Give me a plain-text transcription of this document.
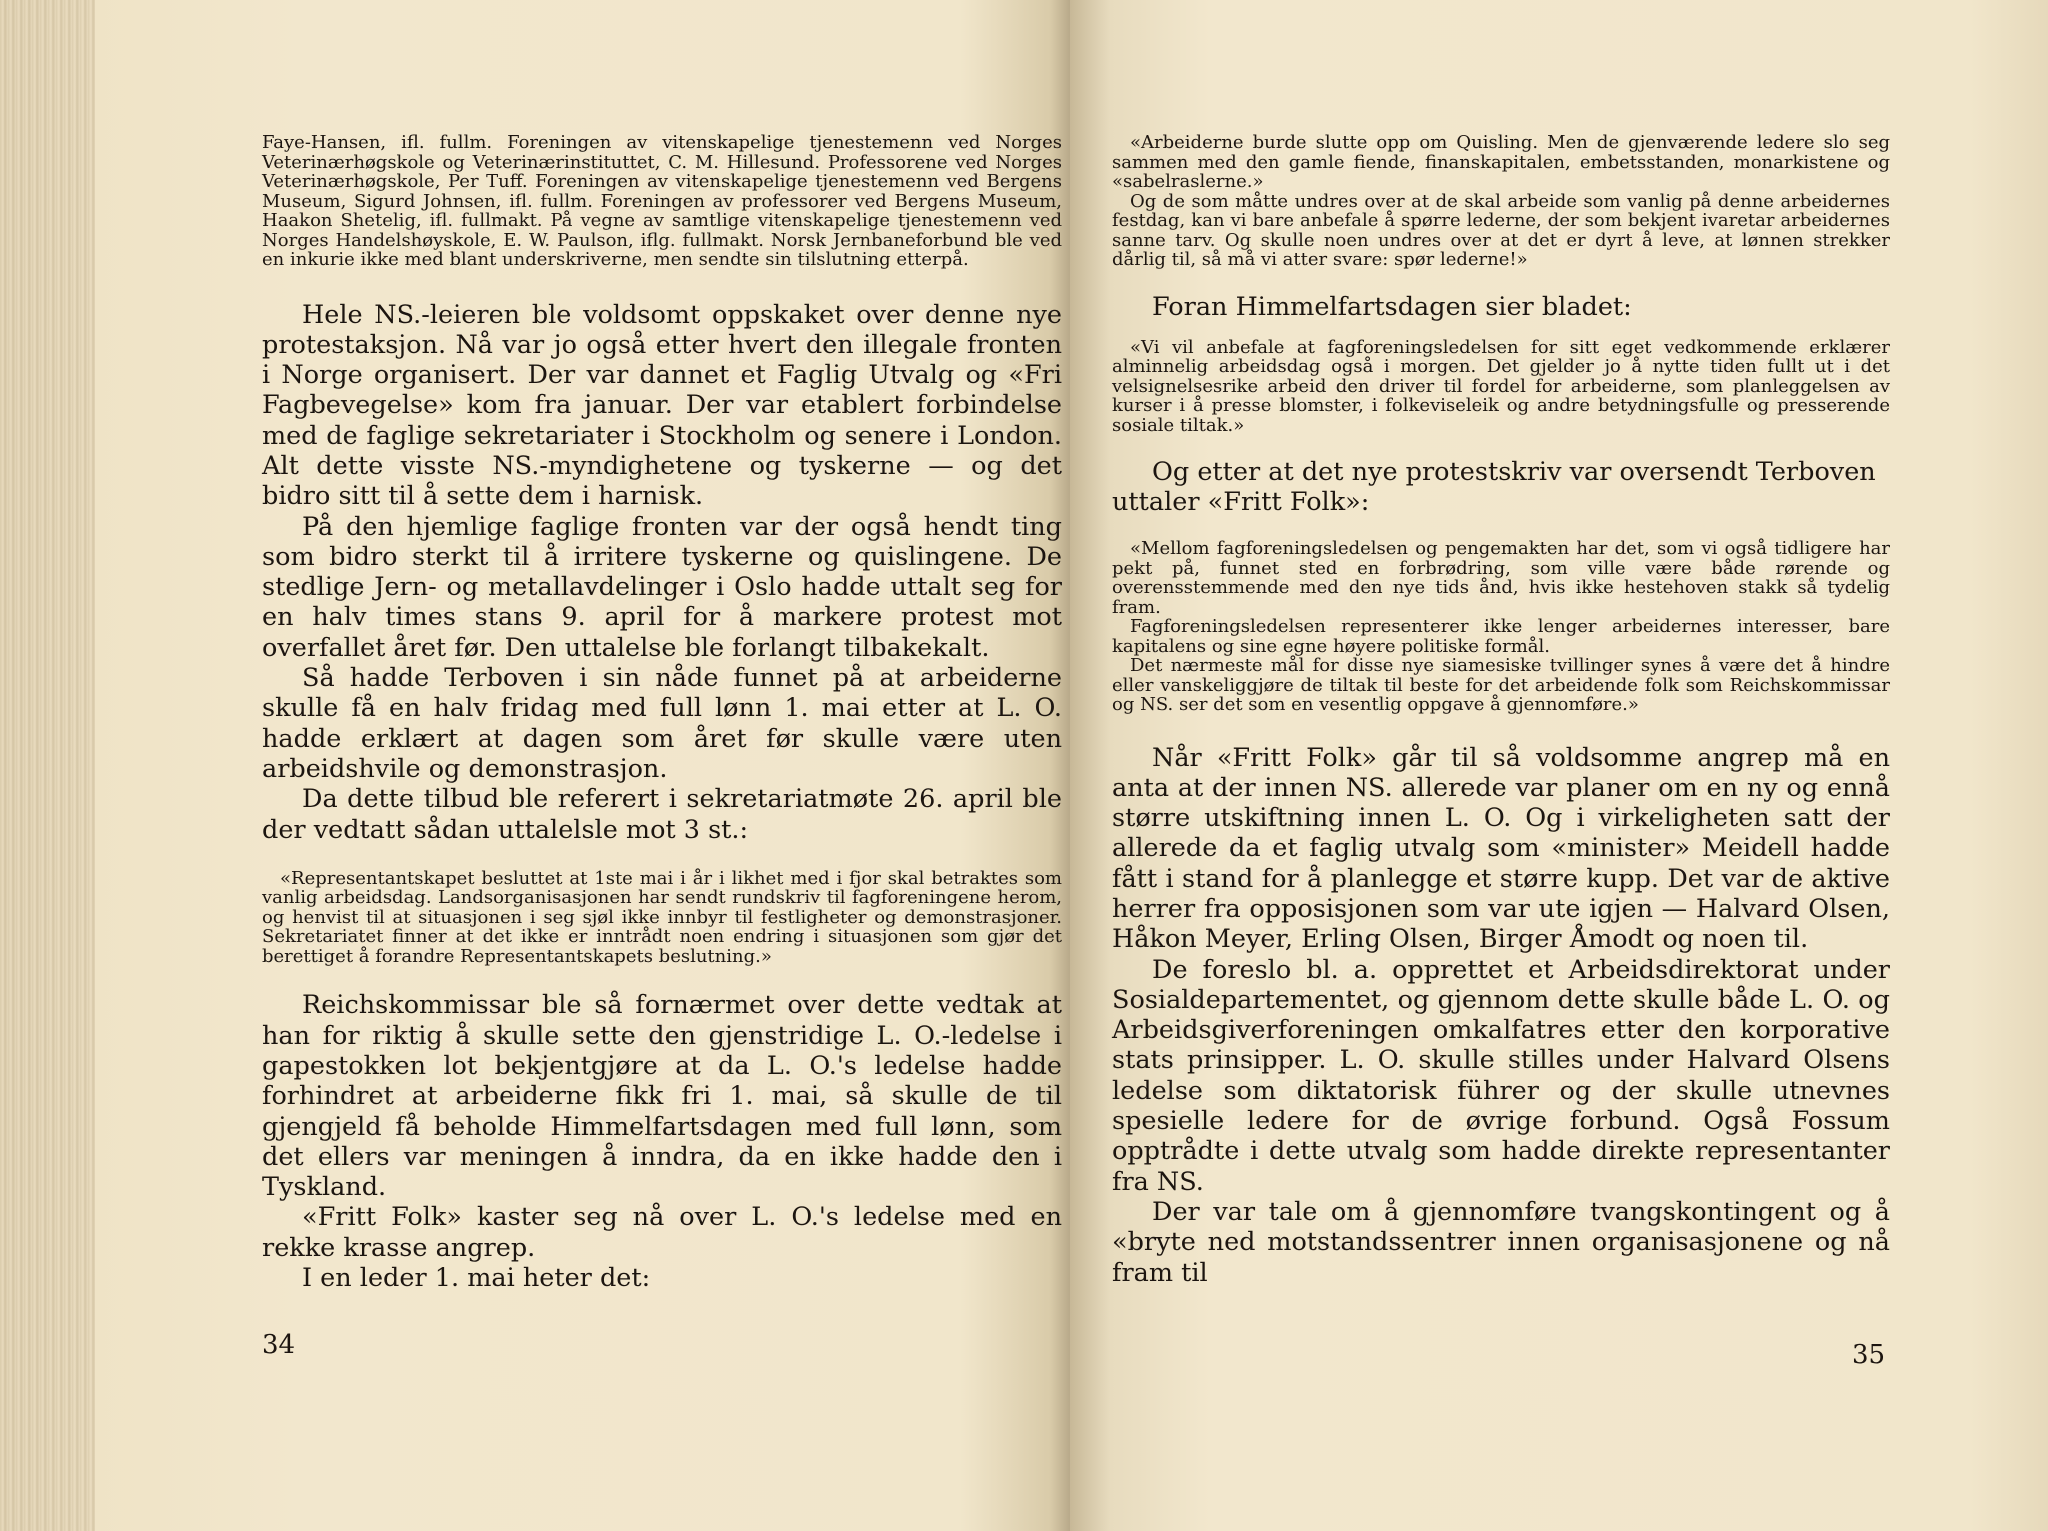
Faye-Hansen, ifl. fullm. Foreningen av vitenskapelige tjenestemenn ved Norges Veterinærhøgskole og Veterinærinstituttet, C. M. Hillesund. Professorene ved Norges Veterinærhøgskole, Per Tuff. Foreningen av vitenskapelige tjenestemenn ved Bergens Museum, Sigurd Johnsen, ifl. fullm. Foreningen av professorer ved Bergens Museum, Haakon Shetelig, ifl. fullmakt. På vegne av samtlige vitenskapelige tjenestemenn ved Norges Handelshøyskole, E. W. Paulson, iflg. fullmakt. Norsk Jernbaneforbund ble ved en inkurie ikke med blant underskriverne, men sendte sin tilslutning etterpå.

Hele NS.-leieren ble voldsomt oppskaket over denne nye protestaksjon. Nå var jo også etter hvert den illegale fronten i Norge organisert. Der var dannet et Faglig Utvalg og «Fri Fagbevegelse» kom fra januar. Der var etablert forbindelse med de faglige sekretariater i Stockholm og senere i London. Alt dette visste NS.-myndighetene og tyskerne — og det bidro sitt til å sette dem i harnisk.

På den hjemlige faglige fronten var der også hendt ting som bidro sterkt til å irritere tyskerne og quislingene. De stedlige Jern- og metallavdelinger i Oslo hadde uttalt seg for en halv times stans 9. april for å markere protest mot overfallet året før. Den uttalelse ble forlangt tilbakekalt.

Så hadde Terboven i sin nåde funnet på at arbeiderne skulle få en halv fridag med full lønn 1. mai etter at L. O. hadde erklært at dagen som året før skulle være uten arbeidshvile og demonstrasjon.

Da dette tilbud ble referert i sekretariatmøte 26. april ble der vedtatt sådan uttalelsle mot 3 st.:

«Representantskapet besluttet at 1ste mai i år i likhet med i fjor skal betraktes som vanlig arbeidsdag. Landsorganisasjonen har sendt rundskriv til fagforeningene herom, og henvist til at situasjonen i seg sjøl ikke innbyr til festligheter og demonstrasjoner. Sekretariatet finner at det ikke er inntrådt noen endring i situasjonen som gjør det berettiget å forandre Representantskapets beslutning.»

Reichskommissar ble så fornærmet over dette vedtak at han for riktig å skulle sette den gjenstridige L. O.-ledelse i gapestokken lot bekjentgjøre at da L. O.'s ledelse hadde forhindret at arbeiderne fikk fri 1. mai, så skulle de til gjengjeld få beholde Himmelfartsdagen med full lønn, som det ellers var meningen å inndra, da en ikke hadde den i Tyskland.

«Fritt Folk» kaster seg nå over L. O.'s ledelse med en rekke krasse angrep.

I en leder 1. mai heter det:

34

«Arbeiderne burde slutte opp om Quisling. Men de gjenværende ledere slo seg sammen med den gamle fiende, finanskapitalen, embetsstanden, monarkistene og «sabelraslerne.»

Og de som måtte undres over at de skal arbeide som vanlig på denne arbeidernes festdag, kan vi bare anbefale å spørre lederne, der som bekjent ivaretar arbeidernes sanne tarv. Og skulle noen undres over at det er dyrt å leve, at lønnen strekker dårlig til, så må vi atter svare: spør lederne!»

Foran Himmelfartsdagen sier bladet:

«Vi vil anbefale at fagforeningsledelsen for sitt eget vedkommende erklærer alminnelig arbeidsdag også i morgen. Det gjelder jo å nytte tiden fullt ut i det velsignelsesrike arbeid den driver til fordel for arbeiderne, som planleggelsen av kurser i å presse blomster, i folkeviseleik og andre betydningsfulle og presserende sosiale tiltak.»

Og etter at det nye protestskriv var oversendt Terboven uttaler «Fritt Folk»:

«Mellom fagforeningsledelsen og pengemakten har det, som vi også tidligere har pekt på, funnet sted en forbrødring, som ville være både rørende og overensstemmende med den nye tids ånd, hvis ikke hestehoven stakk så tydelig fram.

Fagforeningsledelsen representerer ikke lenger arbeidernes interesser, bare kapitalens og sine egne høyere politiske formål.

Det nærmeste mål for disse nye siamesiske tvillinger synes å være det å hindre eller vanskeliggjøre de tiltak til beste for det arbeidende folk som Reichskommissar og NS. ser det som en vesentlig oppgave å gjennomføre.»

Når «Fritt Folk» går til så voldsomme angrep må en anta at der innen NS. allerede var planer om en ny og ennå større utskiftning innen L. O. Og i virkeligheten satt der allerede da et faglig utvalg som «minister» Meidell hadde fått i stand for å planlegge et større kupp. Det var de aktive herrer fra opposisjonen som var ute igjen — Halvard Olsen, Håkon Meyer, Erling Olsen, Birger Åmodt og noen til.

De foreslo bl. a. opprettet et Arbeidsdirektorat under Sosialdepartementet, og gjennom dette skulle både L. O. og Arbeidsgiverforeningen omkalfatres etter den korporative stats prinsipper. L. O. skulle stilles under Halvard Olsens ledelse som diktatorisk führer og der skulle utnevnes spesielle ledere for de øvrige forbund. Også Fossum opptrådte i dette utvalg som hadde direkte representanter fra NS.

Der var tale om å gjennomføre tvangskontingent og å «bryte ned motstandssentrer innen organisasjonene og nå fram til

35
